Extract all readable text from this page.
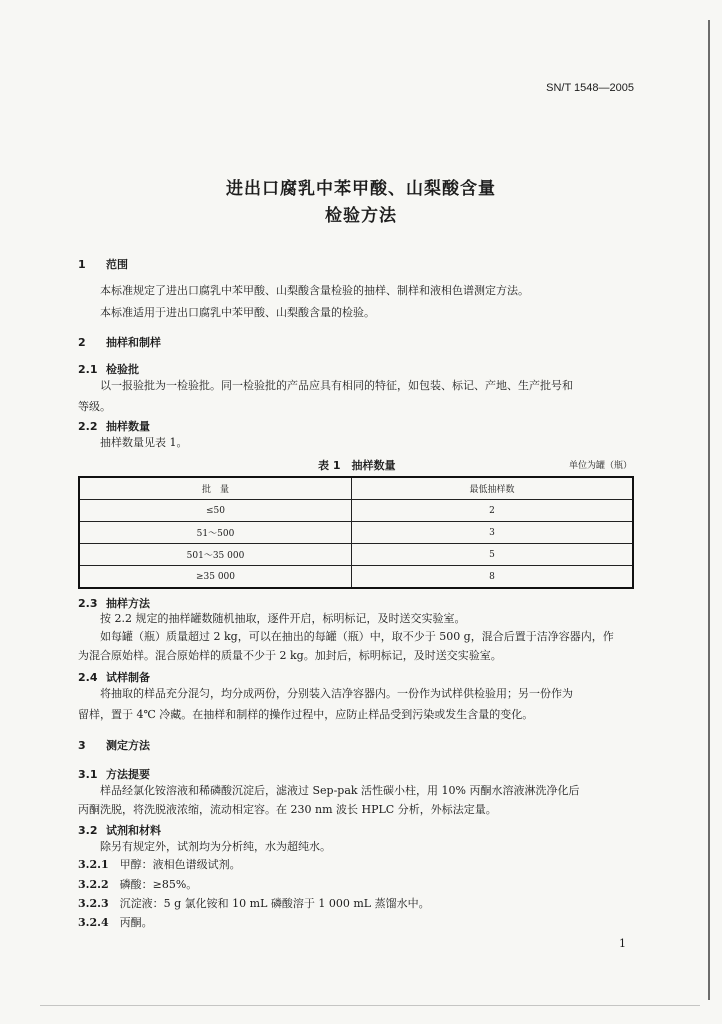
SN/T 1548—2005
进出口腐乳中苯甲酸、山梨酸含量
检验方法
1 范围
本标准规定了进出口腐乳中苯甲酸、山梨酸含量检验的抽样、制样和液相色谱测定方法。
本标准适用于进出口腐乳中苯甲酸、山梨酸含量的检验。
2 抽样和制样
2.1 检验批
以一报验批为一检验批。同一检验批的产品应具有相同的特征，如包装、标记、产地、生产批号和
等级。
2.2 抽样数量
抽样数量见表 1。
表 1　抽样数量	单位为罐（瓶）
批　量	最低抽样数
≤50	2
51～500	3
501～35 000	5
≥35 000	8
2.3 抽样方法
按 2.2 规定的抽样罐数随机抽取，逐件开启，标明标记，及时送交实验室。
如每罐（瓶）质量超过 2 kg，可以在抽出的每罐（瓶）中，取不少于 500 g，混合后置于洁净容器内，作
为混合原始样。混合原始样的质量不少于 2 kg。加封后，标明标记，及时送交实验室。
2.4 试样制备
将抽取的样品充分混匀，均分成两份，分别装入洁净容器内。一份作为试样供检验用；另一份作为
留样，置于 4℃ 冷藏。在抽样和制样的操作过程中，应防止样品受到污染或发生含量的变化。
3 测定方法
3.1 方法提要
样品经氯化铵溶液和稀磷酸沉淀后，滤液过 Sep-pak 活性碳小柱，用 10% 丙酮水溶液淋洗净化后
丙酮洗脱，将洗脱液浓缩，流动相定容。在 230 nm 波长 HPLC 分析，外标法定量。
3.2 试剂和材料
除另有规定外，试剂均为分析纯，水为超纯水。
3.2.1　 甲醇：液相色谱级试剂。
3.2.2　 磷酸：≥85%。
3.2.3　 沉淀液：5 g 氯化铵和 10 mL 磷酸溶于 1 000 mL 蒸馏水中。
3.2.4　 丙酮。
1
